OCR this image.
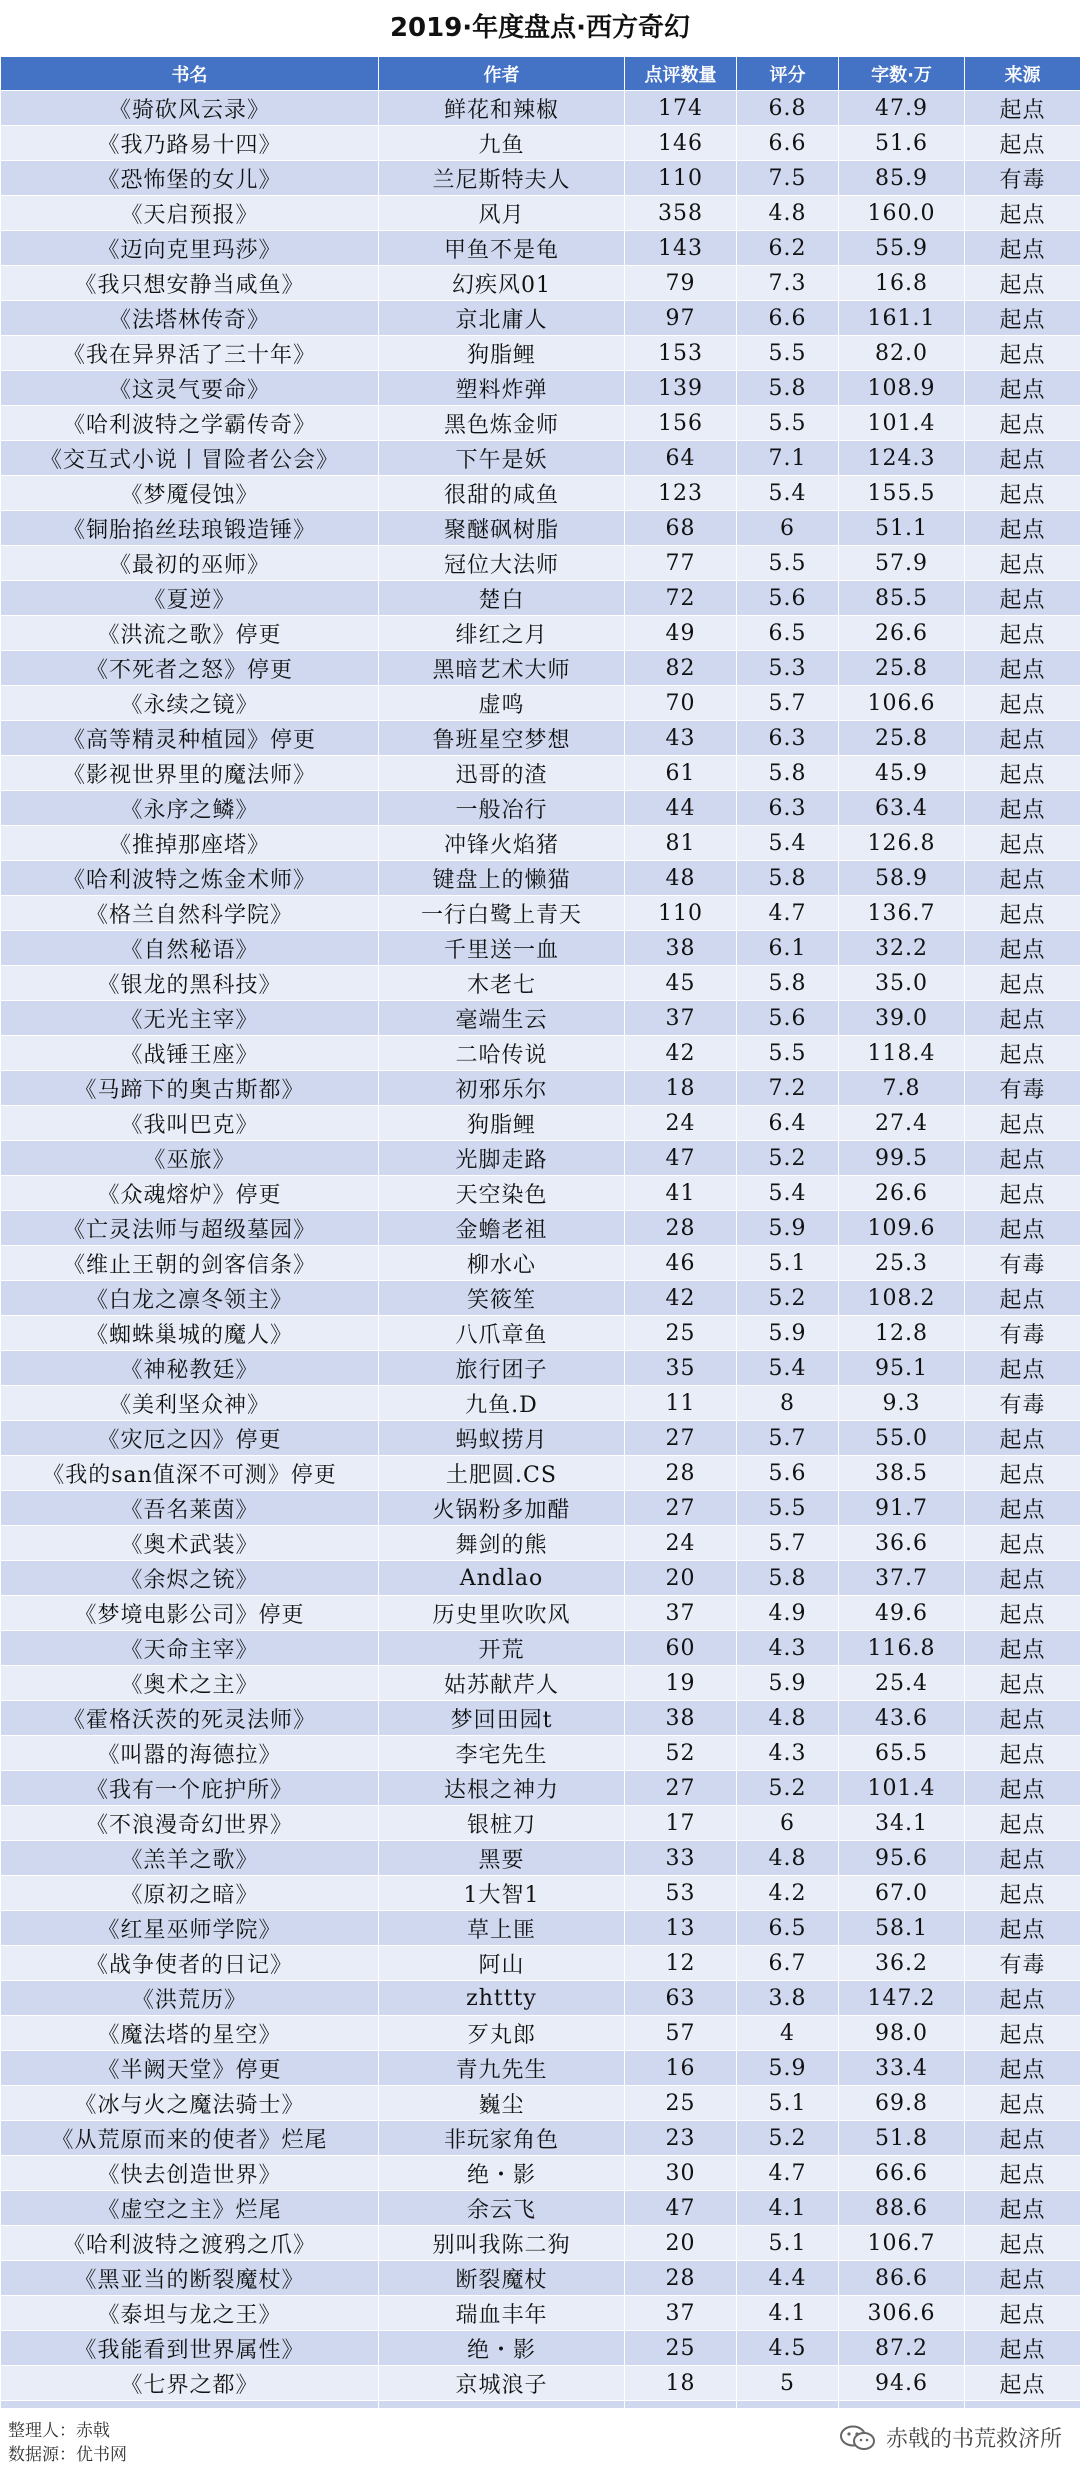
2019·年度盘点·西方奇幻
书名	作者	点评数量	评分	字数·万	来源
《骑砍风云录》	鲜花和辣椒	174	6.8	47.9	起点
《我乃路易十四》	九鱼	146	6.6	51.6	起点
《恐怖堡的女儿》	兰尼斯特夫人	110	7.5	85.9	有毒
《天启预报》	风月	358	4.8	160.0	起点
《迈向克里玛莎》	甲鱼不是龟	143	6.2	55.9	起点
《我只想安静当咸鱼》	幻疾风01	79	7.3	16.8	起点
《法塔林传奇》	京北庸人	97	6.6	161.1	起点
《我在异界活了三十年》	狗脂鲤	153	5.5	82.0	起点
《这灵气要命》	塑料炸弹	139	5.8	108.9	起点
《哈利波特之学霸传奇》	黑色炼金师	156	5.5	101.4	起点
《交互式小说丨冒险者公会》	下午是妖	64	7.1	124.3	起点
《梦魇侵蚀》	很甜的咸鱼	123	5.4	155.5	起点
《铜胎掐丝珐琅锻造锤》	聚醚砜树脂	68	6	51.1	起点
《最初的巫师》	冠位大法师	77	5.5	57.9	起点
《夏逆》	楚白	72	5.6	85.5	起点
《洪流之歌》停更	绯红之月	49	6.5	26.6	起点
《不死者之怒》停更	黑暗艺术大师	82	5.3	25.8	起点
《永续之镜》	虚鸣	70	5.7	106.6	起点
《高等精灵种植园》停更	鲁班星空梦想	43	6.3	25.8	起点
《影视世界里的魔法师》	迅哥的渣	61	5.8	45.9	起点
《永序之鳞》	一般冶行	44	6.3	63.4	起点
《推掉那座塔》	冲锋火焰猪	81	5.4	126.8	起点
《哈利波特之炼金术师》	键盘上的懒猫	48	5.8	58.9	起点
《格兰自然科学院》	一行白鹭上青天	110	4.7	136.7	起点
《自然秘语》	千里送一血	38	6.1	32.2	起点
《银龙的黑科技》	木老七	45	5.8	35.0	起点
《无光主宰》	毫端生云	37	5.6	39.0	起点
《战锤王座》	二哈传说	42	5.5	118.4	起点
《马蹄下的奥古斯都》	初邪乐尔	18	7.2	7.8	有毒
《我叫巴克》	狗脂鲤	24	6.4	27.4	起点
《巫旅》	光脚走路	47	5.2	99.5	起点
《众魂熔炉》停更	天空染色	41	5.4	26.6	起点
《亡灵法师与超级墓园》	金蟾老祖	28	5.9	109.6	起点
《维止王朝的剑客信条》	柳水心	46	5.1	25.3	有毒
《白龙之凛冬领主》	笑筱笙	42	5.2	108.2	起点
《蜘蛛巢城的魔人》	八爪章鱼	25	5.9	12.8	有毒
《神秘教廷》	旅行团子	35	5.4	95.1	起点
《美利坚众神》	九鱼.D	11	8	9.3	有毒
《灾厄之囚》停更	蚂蚁捞月	27	5.7	55.0	起点
《我的san值深不可测》停更	土肥圆.CS	28	5.6	38.5	起点
《吾名莱茵》	火锅粉多加醋	27	5.5	91.7	起点
《奥术武装》	舞剑的熊	24	5.7	36.6	起点
《余烬之铳》	Andlao	20	5.8	37.7	起点
《梦境电影公司》停更	历史里吹吹风	37	4.9	49.6	起点
《天命主宰》	开荒	60	4.3	116.8	起点
《奥术之主》	姑苏献芹人	19	5.9	25.4	起点
《霍格沃茨的死灵法师》	梦回田园t	38	4.8	43.6	起点
《叫嚣的海德拉》	李宅先生	52	4.3	65.5	起点
《我有一个庇护所》	达根之神力	27	5.2	101.4	起点
《不浪漫奇幻世界》	银桩刀	17	6	34.1	起点
《羔羊之歌》	黑要	33	4.8	95.6	起点
《原初之暗》	1大智1	53	4.2	67.0	起点
《红星巫师学院》	草上匪	13	6.5	58.1	起点
《战争使者的日记》	阿山	12	6.7	36.2	有毒
《洪荒历》	zhttty	63	3.8	147.2	起点
《魔法塔的星空》	歹丸郎	57	4	98.0	起点
《半阙天堂》停更	青九先生	16	5.9	33.4	起点
《冰与火之魔法骑士》	巍尘	25	5.1	69.8	起点
《从荒原而来的使者》烂尾	非玩家角色	23	5.2	51.8	起点
《快去创造世界》	绝・影	30	4.7	66.6	起点
《虚空之主》烂尾	余云飞	47	4.1	88.6	起点
《哈利波特之渡鸦之爪》	别叫我陈二狗	20	5.1	106.7	起点
《黑亚当的断裂魔杖》	断裂魔杖	28	4.4	86.6	起点
《泰坦与龙之王》	瑞血丰年	37	4.1	306.6	起点
《我能看到世界属性》	绝・影	25	4.5	87.2	起点
《七界之都》	京城浪子	18	5	94.6	起点

整理人：赤戟
数据源：优书网
赤戟的书荒救济所
